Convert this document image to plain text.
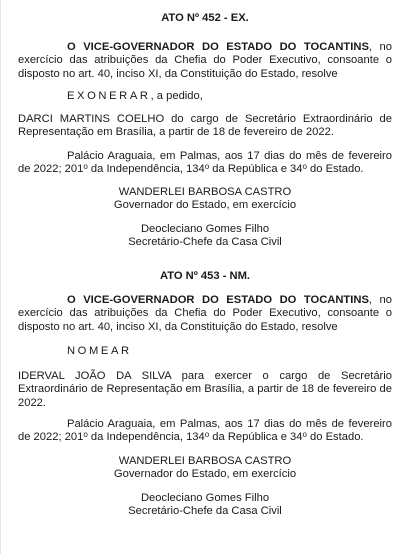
ATO Nº 452 - EX.
O VICE-GOVERNADOR DO ESTADO DO TOCANTINS, no exercício das atribuições da Chefia do Poder Executivo, consoante o disposto no art. 40, inciso XI, da Constituição do Estado, resolve
EXONERAR, a pedido,
DARCI MARTINS COELHO do cargo de Secretário Extraordinário de Representação em Brasília, a partir de 18 de fevereiro de 2022.
Palácio Araguaia, em Palmas, aos 17 dias do mês de fevereiro de 2022; 201$^o$ da Independência, 134$^o$ da República e 34$^o$ do Estado.
WANDERLEI BARBOSA CASTRO
Governador do Estado, em exercício
Deocleciano Gomes Filho
Secretário-Chefe da Casa Civil
ATO Nº 453 - NM.
O VICE-GOVERNADOR DO ESTADO DO TOCANTINS, no exercício das atribuições da Chefia do Poder Executivo, consoante o disposto no art. 40, inciso XI, da Constituição do Estado, resolve
NOMEAR
IDERVAL JOÃO DA SILVA para exercer o cargo de Secretário Extraordinário de Representação em Brasília, a partir de 18 de fevereiro de 2022.
Palácio Araguaia, em Palmas, aos 17 dias do mês de fevereiro de 2022; 201$^o$ da Independência, 134$^o$ da República e 34$^o$ do Estado.
WANDERLEI BARBOSA CASTRO
Governador do Estado, em exercício
Deocleciano Gomes Filho
Secretário-Chefe da Casa Civil
